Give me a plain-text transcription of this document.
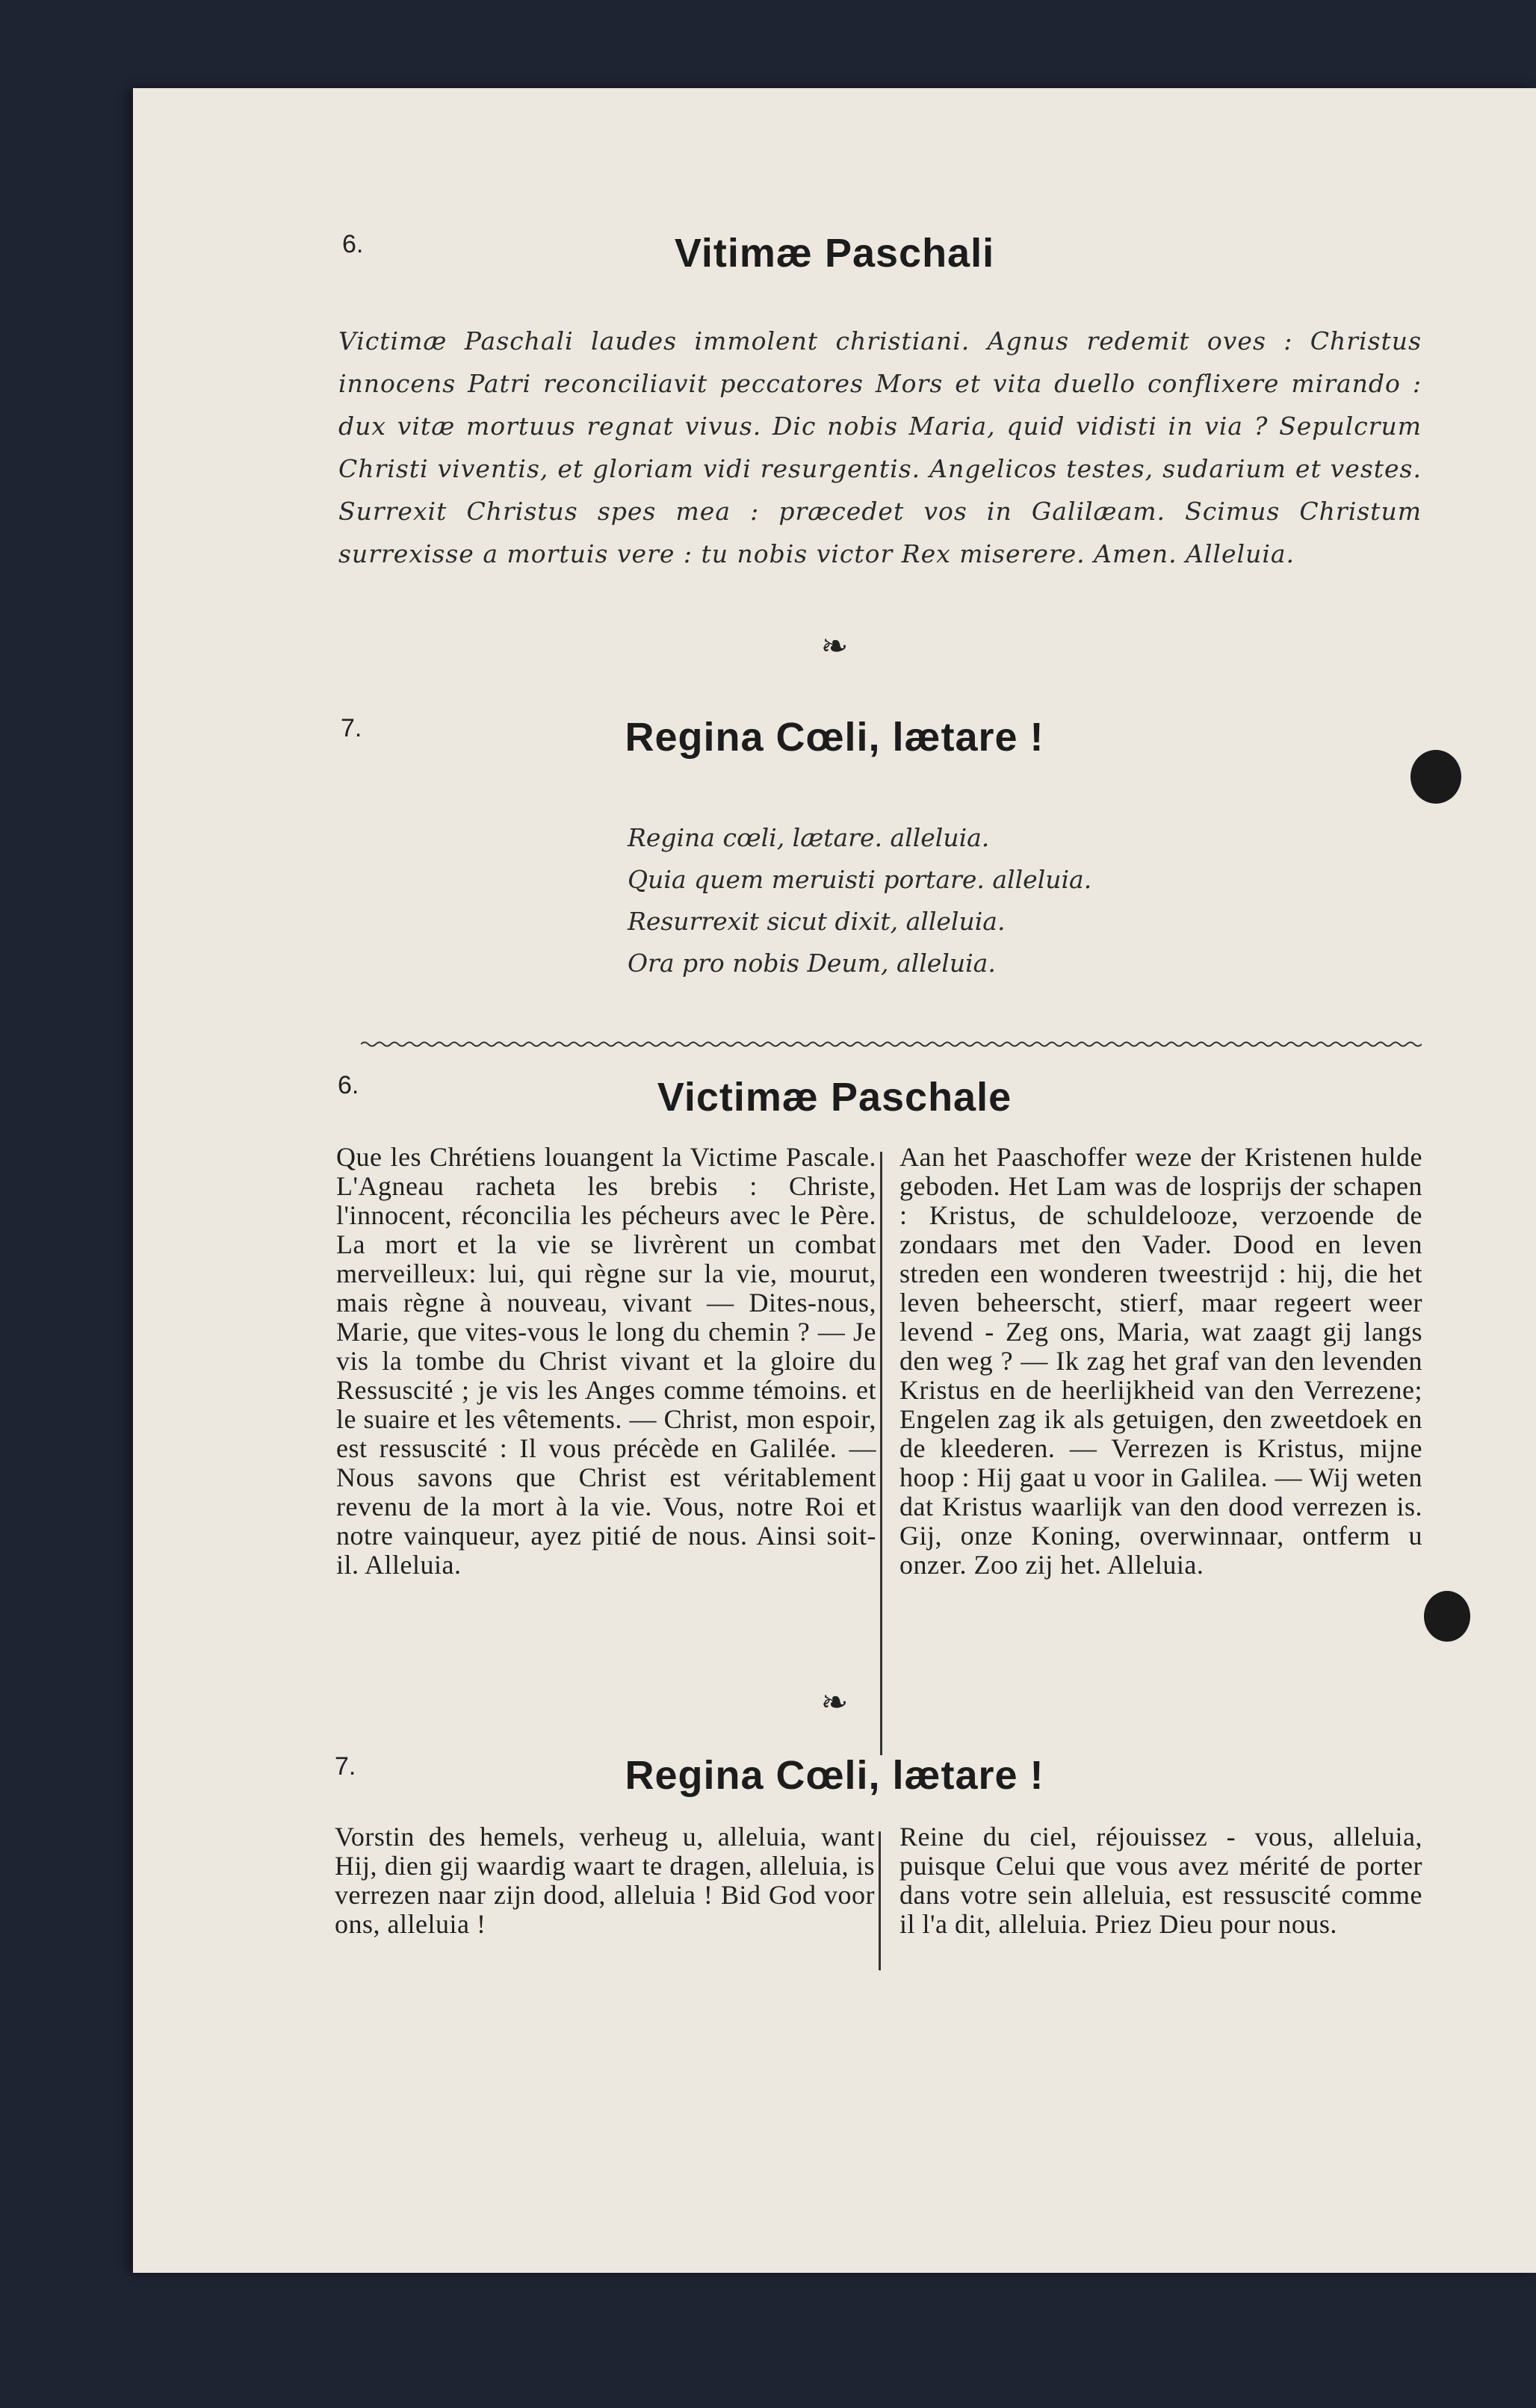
6.	Vitimæ Paschali
Victimæ Paschali laudes immolent christiani. Agnus redemit oves : Christus innocens Patri reconciliavit peccatores Mors et vita duello conflixere mirando : dux vitæ mortuus regnat vivus. Dic nobis Maria, quid vidisti in via ? Sepulcrum Christi viventis, et gloriam vidi resurgentis. Angelicos testes, sudarium et vestes. Surrexit Christus spes mea : præcedet vos in Galilæam. Scimus Christum surrexisse a mortuis vere : tu nobis victor Rex miserere. Amen. Alleluia.
❧
7.	Regina Cœli, lætare !
Regina cœli, lætare. alleluia.
Quia quem meruisti portare. alleluia.
Resurrexit sicut dixit, alleluia.
Ora pro nobis Deum, alleluia.
6.	Victimæ Paschale
Que les Chrétiens louangent la Victime Pascale. L'Agneau racheta les brebis : Christe, l'innocent, réconcilia les pécheurs avec le Père. La mort et la vie se livrèrent un combat merveilleux: lui, qui règne sur la vie, mourut, mais règne à nouveau, vivant — Dites-nous, Marie, que vites-vous le long du chemin ? — Je vis la tombe du Christ vivant et la gloire du Ressuscité ; je vis les Anges comme témoins. et le suaire et les vêtements. — Christ, mon espoir, est ressuscité : Il vous précède en Galilée. — Nous savons que Christ est véritablement revenu de la mort à la vie. Vous, notre Roi et notre vainqueur, ayez pitié de nous. Ainsi soit-il. Alleluia.
Aan het Paaschoffer weze der Kristenen hulde geboden. Het Lam was de losprijs der schapen : Kristus, de schuldelooze, verzoende de zondaars met den Vader. Dood en leven streden een wonderen tweestrijd : hij, die het leven beheerscht, stierf, maar regeert weer levend - Zeg ons, Maria, wat zaagt gij langs den weg ? — Ik zag het graf van den levenden Kristus en de heerlijkheid van den Verrezene; Engelen zag ik als getuigen, den zweetdoek en de kleederen. — Verrezen is Kristus, mijne hoop : Hij gaat u voor in Galilea. — Wij weten dat Kristus waarlijk van den dood verrezen is. Gij, onze Koning, overwinnaar, ontferm u onzer. Zoo zij het. Alleluia.
❧
7.	Regina Cœli, lætare !
Vorstin des hemels, verheug u, alleluia, want Hij, dien gij waardig waart te dragen, alleluia, is verrezen naar zijn dood, alleluia ! Bid God voor ons, alleluia !
Reine du ciel, réjouissez - vous, alleluia, puisque Celui que vous avez mérité de porter dans votre sein alleluia, est ressuscité comme il l'a dit, alleluia. Priez Dieu pour nous.
